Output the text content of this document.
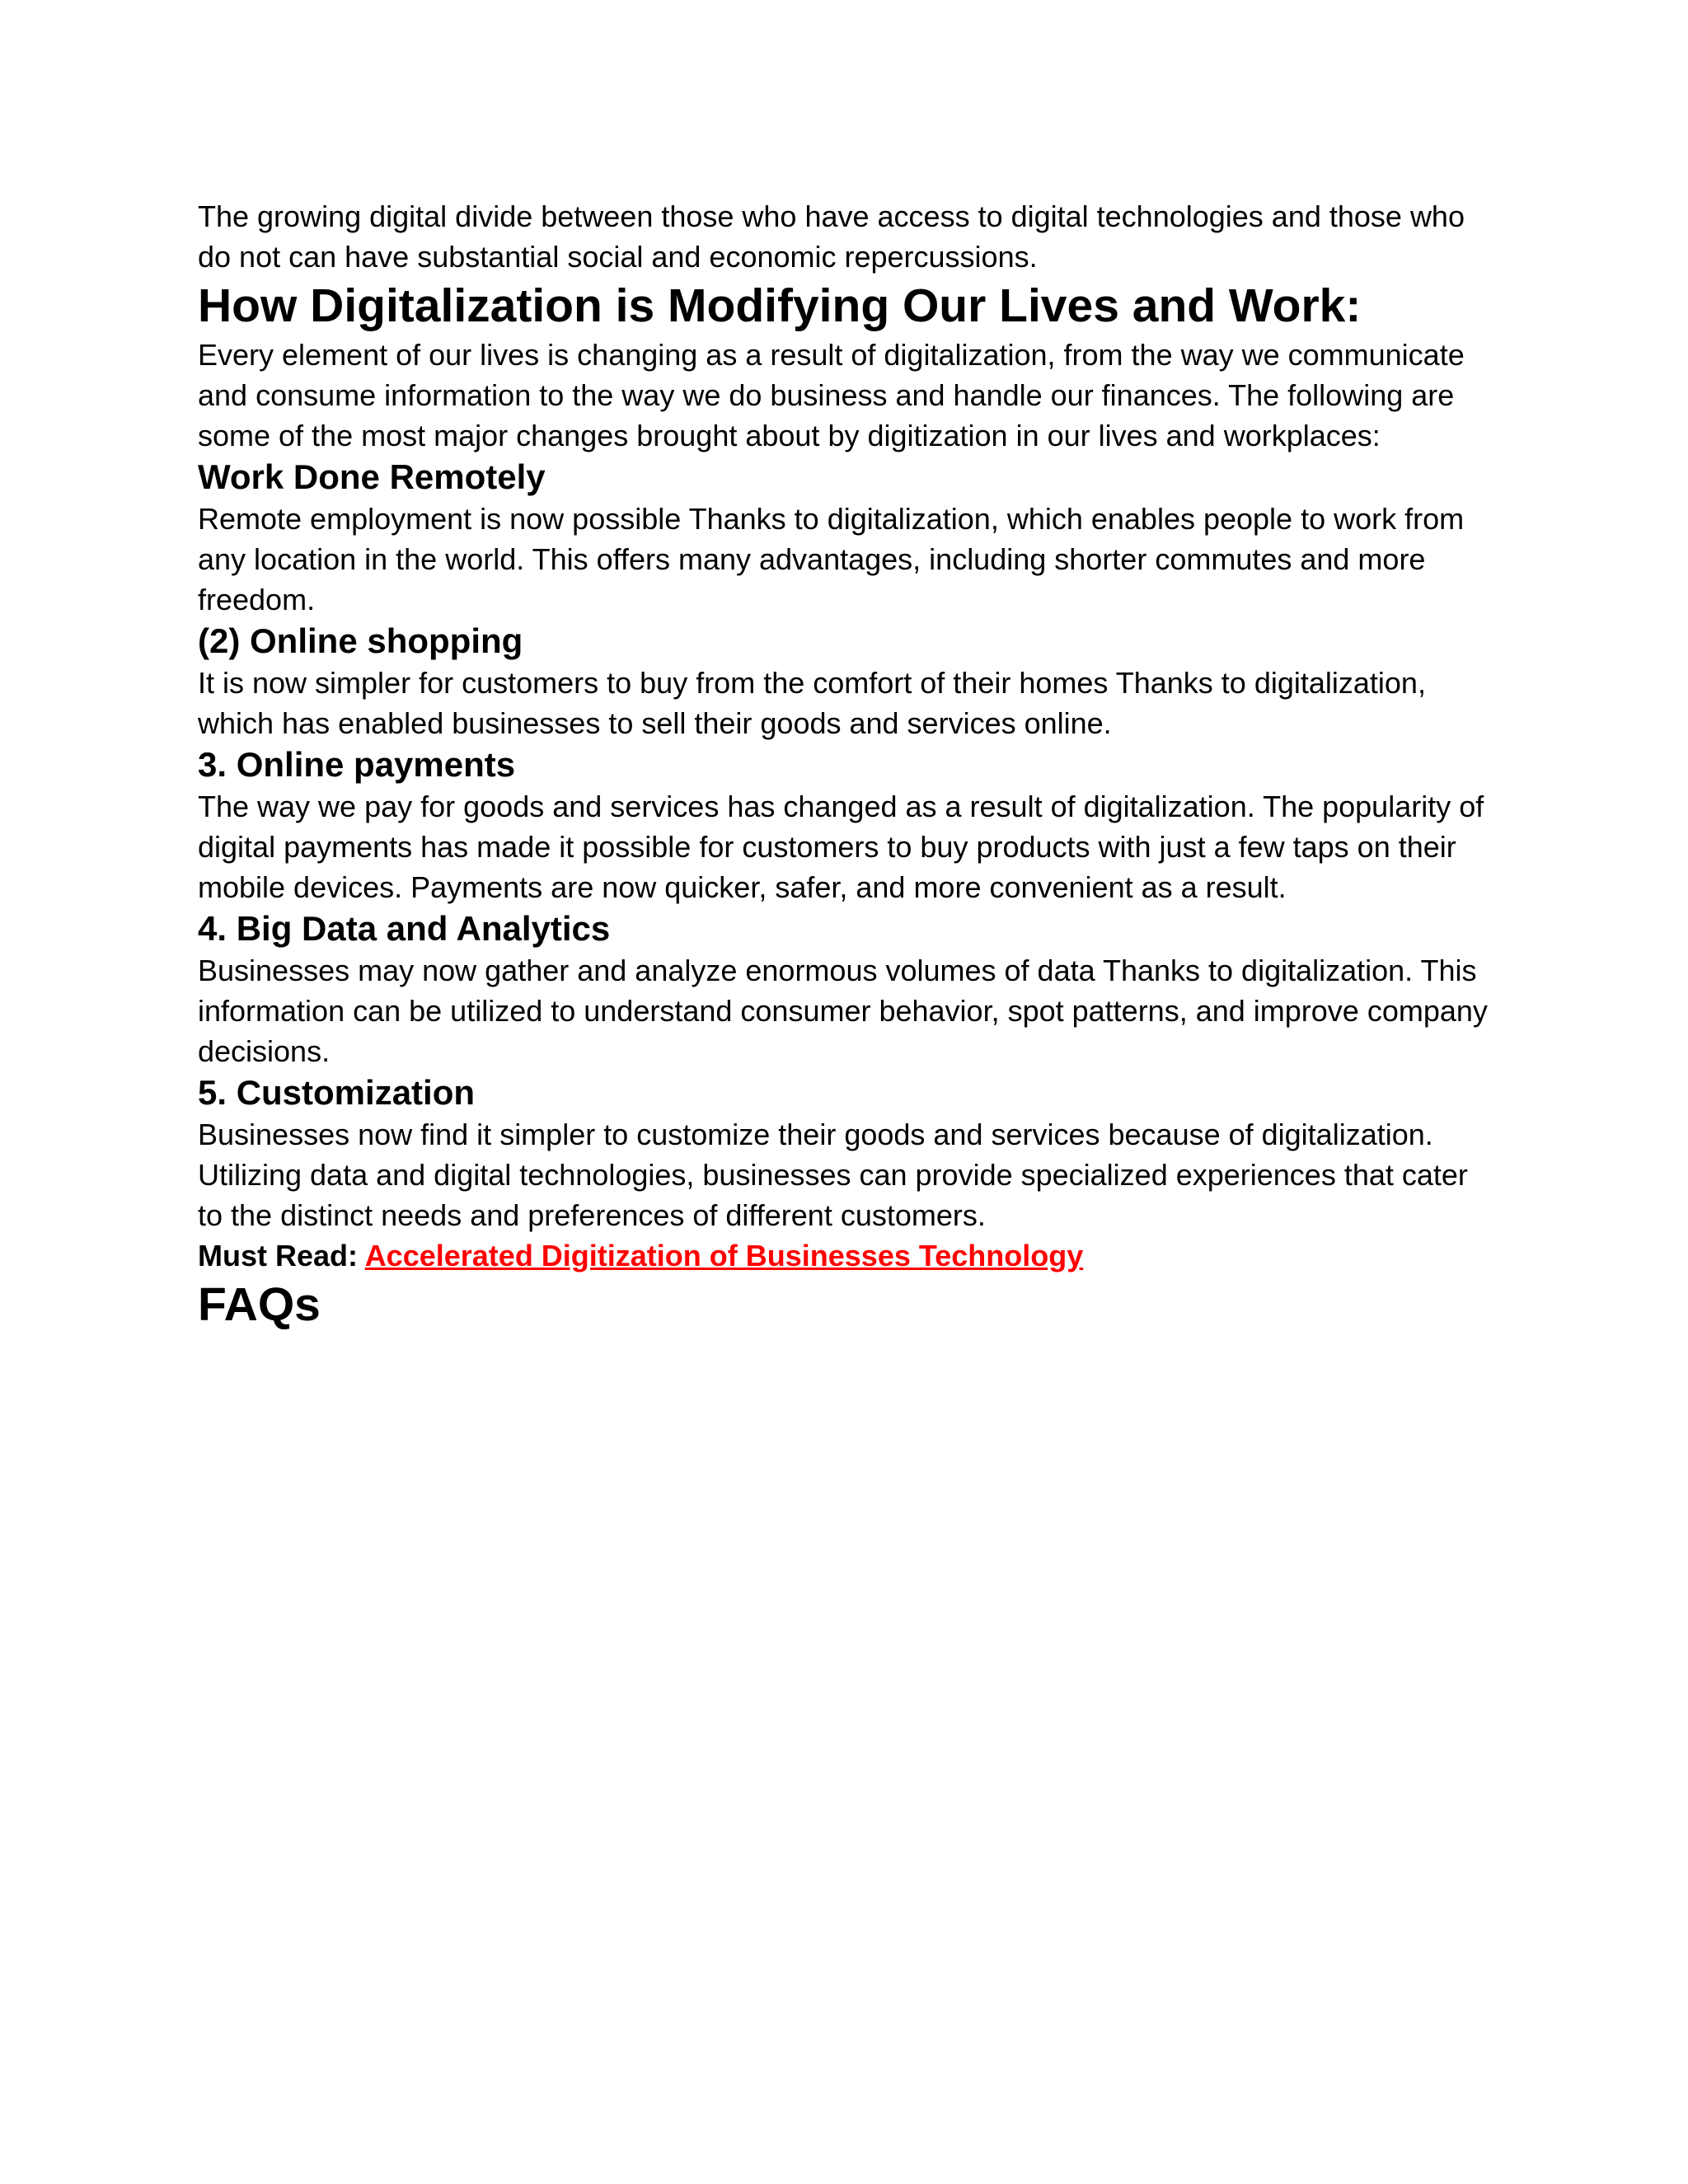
The growing digital divide between those who have access to digital technologies and those who do not can have substantial social and economic repercussions.

How Digitalization is Modifying Our Lives and Work:

Every element of our lives is changing as a result of digitalization, from the way we communicate and consume information to the way we do business and handle our finances. The following are some of the most major changes brought about by digitization in our lives and workplaces:

Work Done Remotely

Remote employment is now possible Thanks to digitalization, which enables people to work from any location in the world. This offers many advantages, including shorter commutes and more freedom.

(2) Online shopping

It is now simpler for customers to buy from the comfort of their homes Thanks to digitalization, which has enabled businesses to sell their goods and services online.

3. Online payments

The way we pay for goods and services has changed as a result of digitalization. The popularity of digital payments has made it possible for customers to buy products with just a few taps on their mobile devices. Payments are now quicker, safer, and more convenient as a result.

4. Big Data and Analytics

Businesses may now gather and analyze enormous volumes of data Thanks to digitalization. This information can be utilized to understand consumer behavior, spot patterns, and improve company decisions.

5. Customization

Businesses now find it simpler to customize their goods and services because of digitalization. Utilizing data and digital technologies, businesses can provide specialized experiences that cater to the distinct needs and preferences of different customers.

Must Read: Accelerated Digitization of Businesses Technology

FAQs
